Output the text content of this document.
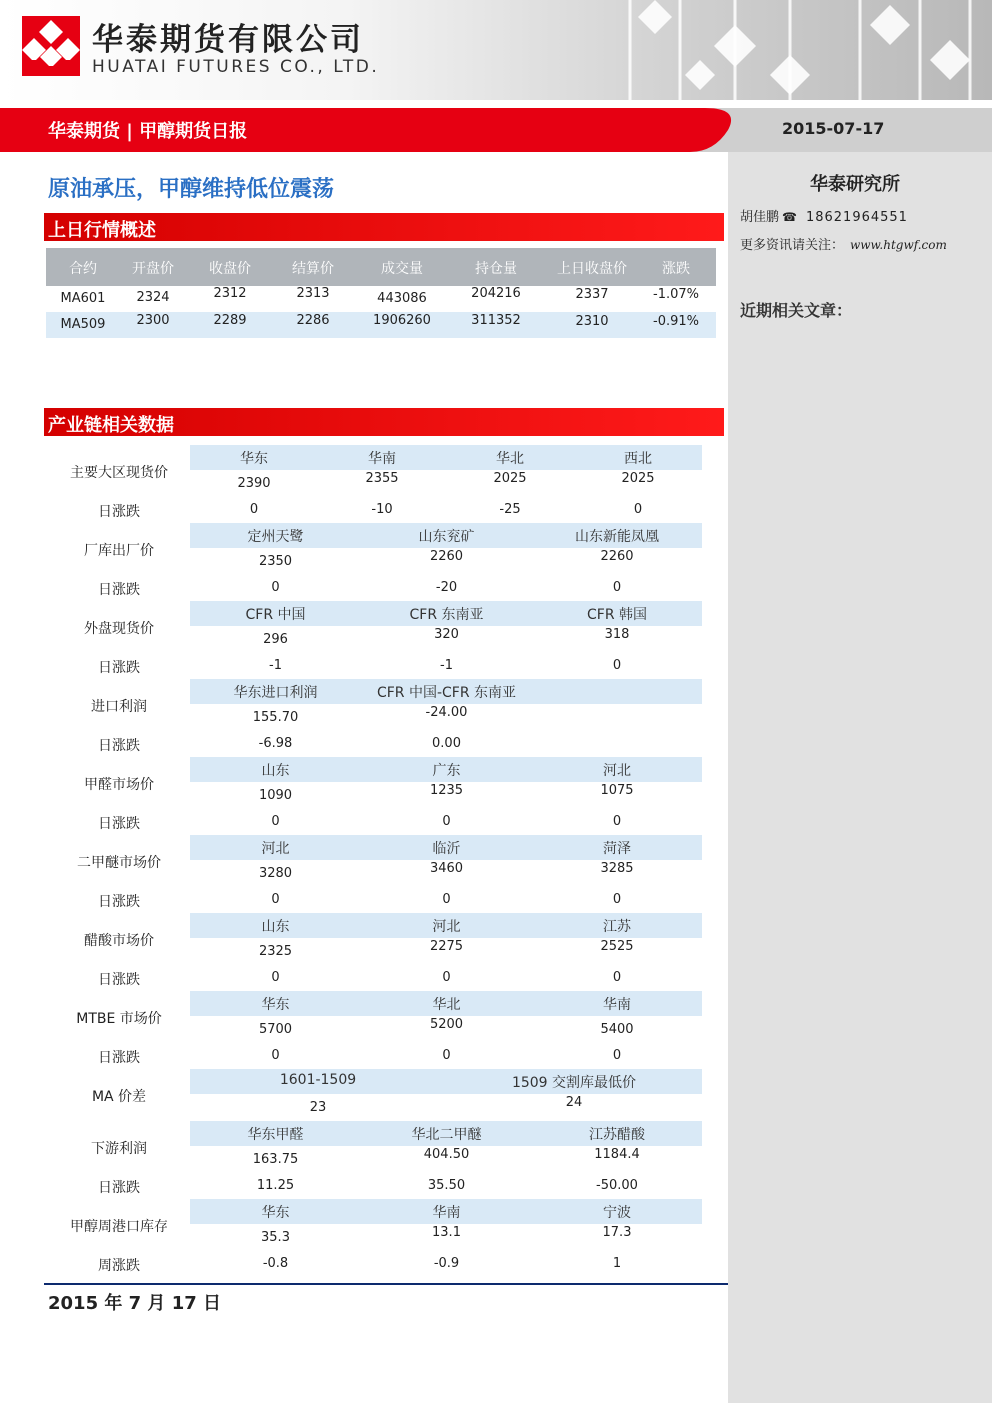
华泰期货有限公司
HUATAI FUTURES CO., LTD.
华泰期货 | 甲醇期货日报	2015-07-17
华泰研究所
胡佳鹏 ☎ 18621964551
更多资讯请关注： www.htgwf.com
近期相关文章：
原油承压，甲醇维持低位震荡
上日行情概述
合约	开盘价	收盘价	结算价	成交量	持仓量	上日收盘价	涨跌
MA601	2324	2312	2313	443086	204216	2337	-1.07%
MA509	2300	2289	2286	1906260	311352	2310	-0.91%
产业链相关数据
主要大区现货价
华东	华南	华北	西北
2390	2355	2025	2025
日涨跌	0	-10	-25	0
厂库出厂价
定州天鹭	山东兖矿	山东新能凤凰
2350	2260	2260
日涨跌	0	-20	0
外盘现货价
CFR 中国	CFR 东南亚	CFR 韩国
296	320	318
日涨跌	-1	-1	0
进口利润
华东进口利润	CFR 中国-CFR 东南亚
155.70	-24.00
日涨跌	-6.98	0.00
甲醛市场价
山东	广东	河北
1090	1235	1075
日涨跌	0	0	0
二甲醚市场价
河北	临沂	菏泽
3280	3460	3285
日涨跌	0	0	0
醋酸市场价
山东	河北	江苏
2325	2275	2525
日涨跌	0	0	0
MTBE 市场价
华东	华北	华南
5700	5200	5400
日涨跌	0	0	0
MA 价差
1601-1509	1509 交割库最低价
23	24
下游利润
华东甲醛	华北二甲醚	江苏醋酸
163.75	404.50	1184.4
日涨跌	11.25	35.50	-50.00
甲醇周港口库存
华东	华南	宁波
35.3	13.1	17.3
周涨跌	-0.8	-0.9	1
2015 年 7 月 17 日
